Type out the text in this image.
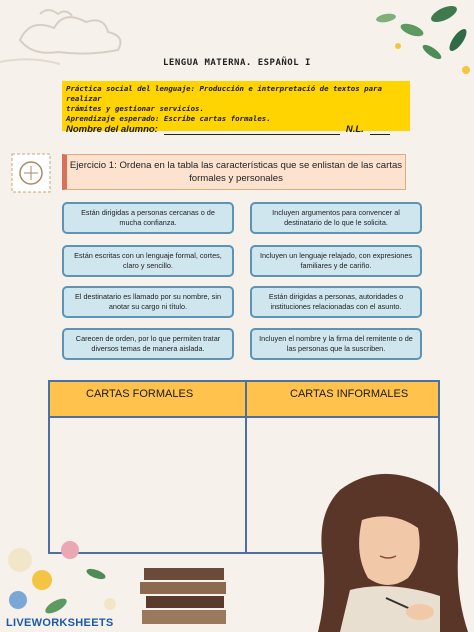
LENGUA MATERNA. ESPAÑOL I
Práctica social del lenguaje: Producción e interpretació de textos para realizar
trámites y gestionar servicios.
Aprendizaje esperado: Escribe cartas formales.
Nombre del alumno:	N.L.
Ejercicio 1: Ordena en la tabla las características que se enlistan de las cartas
formales y personales
Están dirigidas a personas cercanas o de mucha confianza.
Incluyen argumentos para convencer al destinatario de lo que le solicita.
Están escritas con un lenguaje formal, cortes, claro y sencillo.
Incluyen un lenguaje relajado, con expresiones familiares y de cariño.
El destinatario es llamado por su nombre, sin anotar su cargo ni título.
Están dirigidas a personas, autoridades o instituciones relacionadas con el asunto.
Carecen de orden, por lo que permiten tratar diversos temas de manera aislada.
Incluyen el nombre y la firma del remitente o de las personas que la suscriben.
CARTAS FORMALES	CARTAS INFORMALES
LIVEWORKSHEETS
